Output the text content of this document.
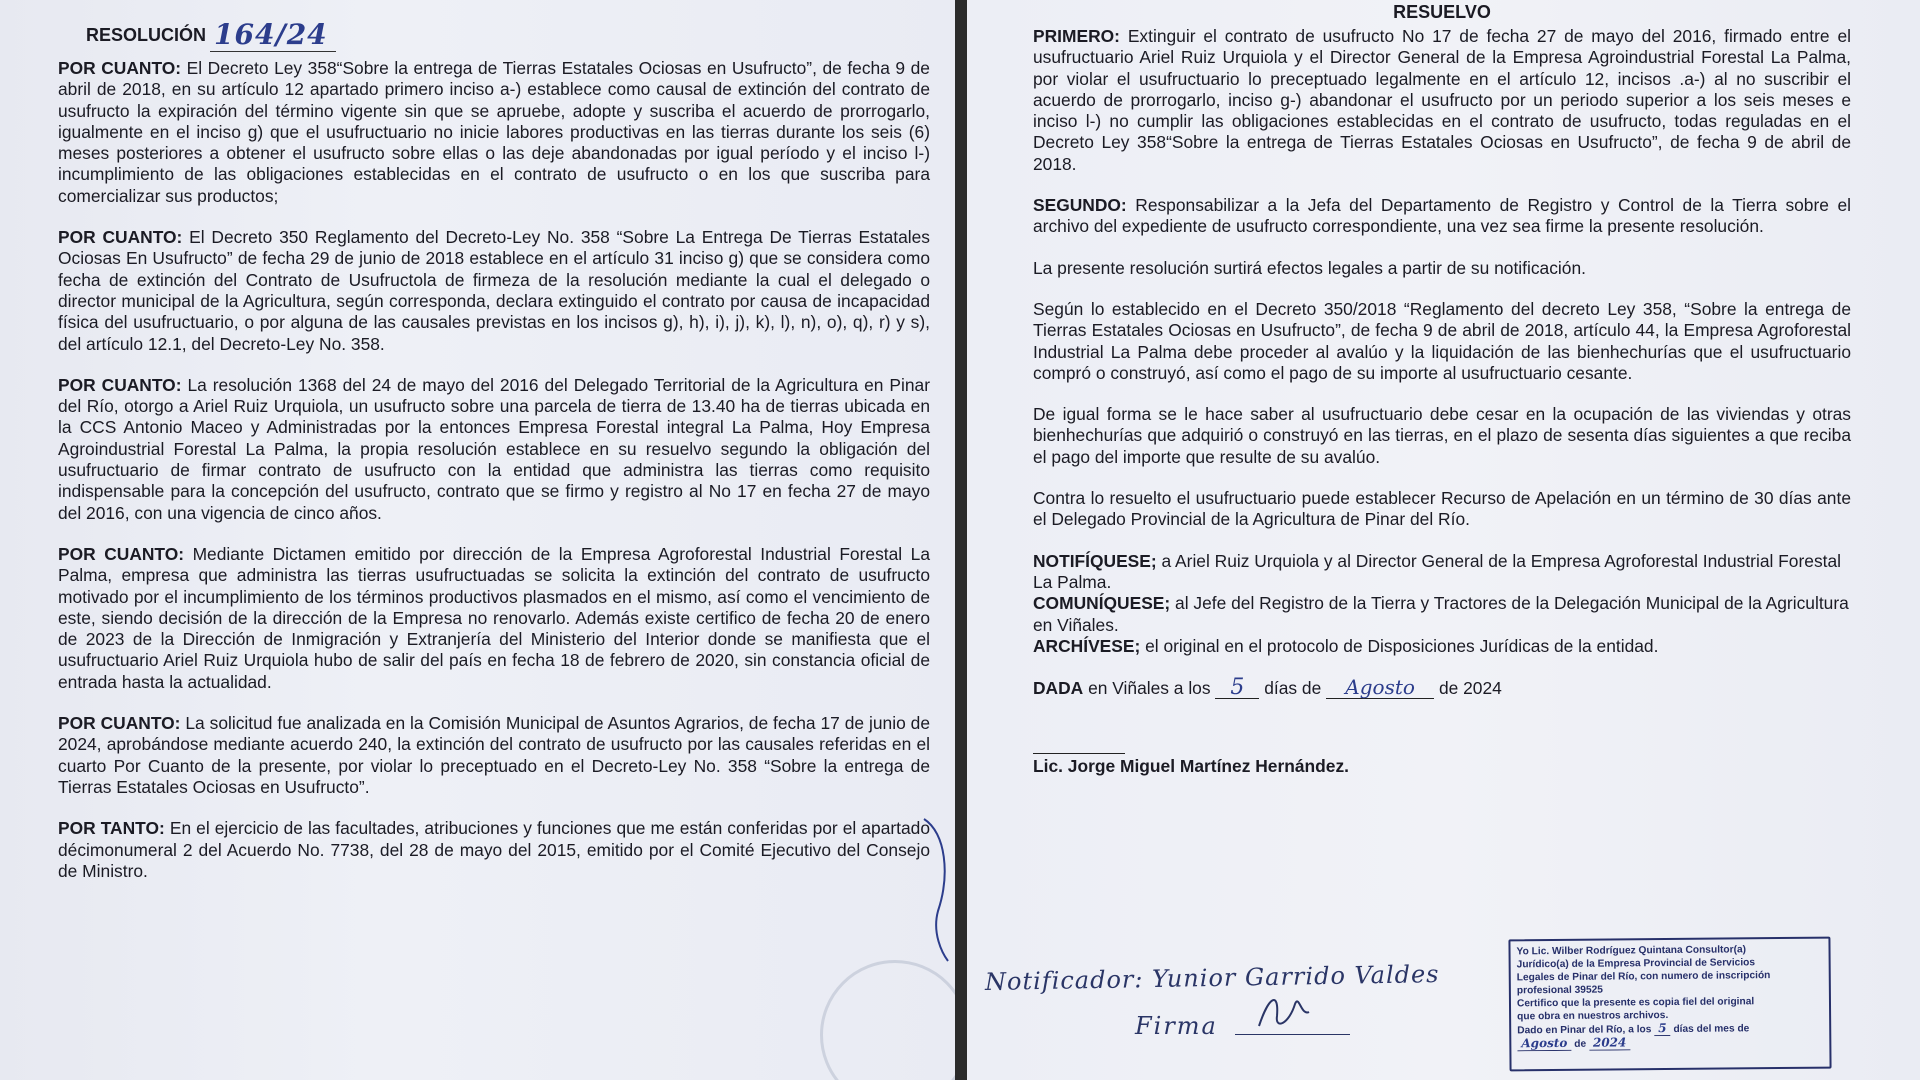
RESOLUCIÓN 164/24
POR CUANTO: El Decreto Ley 358“Sobre la entrega de Tierras Estatales Ociosas en Usufructo”, de fecha 9 de abril de 2018, en su artículo 12 apartado primero inciso a-) establece como causal de extinción del contrato de usufructo la expiración del término vigente sin que se apruebe, adopte y suscriba el acuerdo de prorrogarlo, igualmente en el inciso g) que el usufructuario no inicie labores productivas en las tierras durante los seis (6) meses posteriores a obtener el usufructo sobre ellas o las deje abandonadas por igual período y el inciso l-) incumplimiento de las obligaciones establecidas en el contrato de usufructo o en los que suscriba para comercializar sus productos;
POR CUANTO: El Decreto 350 Reglamento del Decreto-Ley No. 358 “Sobre La Entrega De Tierras Estatales Ociosas En Usufructo” de fecha 29 de junio de 2018 establece en el artículo 31 inciso g) que se considera como fecha de extinción del Contrato de Usufructola de firmeza de la resolución mediante la cual el delegado o director municipal de la Agricultura, según corresponda, declara extinguido el contrato por causa de incapacidad física del usufructuario, o por alguna de las causales previstas en los incisos g), h), i), j), k), l), n), o), q), r) y s), del artículo 12.1, del Decreto-Ley No. 358.
POR CUANTO: La resolución 1368 del 24 de mayo del 2016 del Delegado Territorial de la Agricultura en Pinar del Río, otorgo a Ariel Ruiz Urquiola, un usufructo sobre una parcela de tierra de 13.40 ha de tierras ubicada en la CCS Antonio Maceo y Administradas por la entonces Empresa Forestal integral La Palma, Hoy Empresa Agroindustrial Forestal La Palma, la propia resolución establece en su resuelvo segundo la obligación del usufructuario de firmar contrato de usufructo con la entidad que administra las tierras como requisito indispensable para la concepción del usufructo, contrato que se firmo y registro al No 17 en fecha 27 de mayo del 2016, con una vigencia de cinco años.
POR CUANTO: Mediante Dictamen emitido por dirección de la Empresa Agroforestal Industrial Forestal La Palma, empresa que administra las tierras usufructuadas se solicita la extinción del contrato de usufructo motivado por el incumplimiento de los términos productivos plasmados en el mismo, así como el vencimiento de este, siendo decisión de la dirección de la Empresa no renovarlo. Además existe certifico de fecha 20 de enero de 2023 de la Dirección de Inmigración y Extranjería del Ministerio del Interior donde se manifiesta que el usufructuario Ariel Ruiz Urquiola hubo de salir del país en fecha 18 de febrero de 2020, sin constancia oficial de entrada hasta la actualidad.
POR CUANTO: La solicitud fue analizada en la Comisión Municipal de Asuntos Agrarios, de fecha 17 de junio de 2024, aprobándose mediante acuerdo 240, la extinción del contrato de usufructo por las causales referidas en el cuarto Por Cuanto de la presente, por violar lo preceptuado en el Decreto-Ley No. 358 “Sobre la entrega de Tierras Estatales Ociosas en Usufructo”.
POR TANTO: En el ejercicio de las facultades, atribuciones y funciones que me están conferidas por el apartado décimonumeral 2 del Acuerdo No. 7738, del 28 de mayo del 2015, emitido por el Comité Ejecutivo del Consejo de Ministro.
RESUELVO
PRIMERO: Extinguir el contrato de usufructo No 17 de fecha 27 de mayo del 2016, firmado entre el usufructuario Ariel Ruiz Urquiola y el Director General de la Empresa Agroindustrial Forestal La Palma, por violar el usufructuario lo preceptuado legalmente en el artículo 12, incisos .a-) al no suscribir el acuerdo de prorrogarlo, inciso g-) abandonar el usufructo por un periodo superior a los seis meses e inciso l-) no cumplir las obligaciones establecidas en el contrato de usufructo, todas reguladas en el Decreto Ley 358“Sobre la entrega de Tierras Estatales Ociosas en Usufructo”, de fecha 9 de abril de 2018.
SEGUNDO: Responsabilizar a la Jefa del Departamento de Registro y Control de la Tierra sobre el archivo del expediente de usufructo correspondiente, una vez sea firme la presente resolución.
La presente resolución surtirá efectos legales a partir de su notificación.
Según lo establecido en el Decreto 350/2018 “Reglamento del decreto Ley 358, “Sobre la entrega de Tierras Estatales Ociosas en Usufructo”, de fecha 9 de abril de 2018, artículo 44, la Empresa Agroforestal Industrial La Palma debe proceder al avalúo y la liquidación de las bienhechurías que el usufructuario compró o construyó, así como el pago de su importe al usufructuario cesante.
De igual forma se le hace saber al usufructuario debe cesar en la ocupación de las viviendas y otras bienhechurías que adquirió o construyó en las tierras, en el plazo de sesenta días siguientes a que reciba el pago del importe que resulte de su avalúo.
Contra lo resuelto el usufructuario puede establecer Recurso de Apelación en un término de 30 días ante el Delegado Provincial de la Agricultura de Pinar del Río.
NOTIFÍQUESE; a Ariel Ruiz Urquiola y al Director General de la Empresa Agroforestal Industrial Forestal La Palma.
COMUNÍQUESE; al Jefe del Registro de la Tierra y Tractores de la Delegación Municipal de la Agricultura en Viñales.
ARCHÍVESE; el original en el protocolo de Disposiciones Jurídicas de la entidad.
DADA en Viñales a los 5 días de Agosto de 2024
Lic. Jorge Miguel Martínez Hernández.
Notificador: Yunior Garrido Valdes
Firma
Yo Lic. Wilber Rodríguez Quintana Consultor(a)
Jurídico(a) de la Empresa Provincial de Servicios
Legales de Pinar del Río, con numero de inscripción
profesional 39525
Certifico que la presente es copia fiel del original
que obra en nuestros archivos.
Dado en Pinar del Río, a los 5 días del mes de
Agosto de 2024
